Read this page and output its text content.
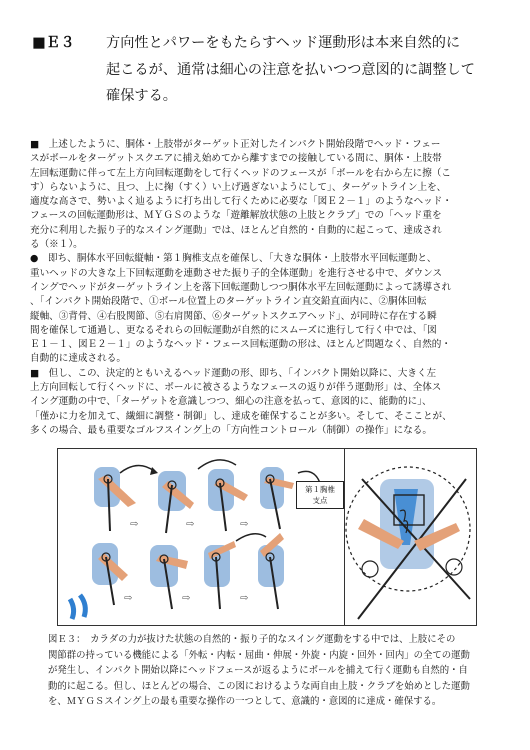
■Ｅ３	方向性とパワーをもたらすヘッド運動形は本来自然的に
起こるが、通常は細心の注意を払いつつ意図的に調整して
確保する。
■　上述したように、胴体・上肢帯がターゲット正対したインパクト開始段階でヘッド・フェー
スがボールをターゲットスクエアに捕え始めてから離すまでの接触している間に、胴体・上肢帯
左回転運動に伴って左上方向回転運動をして行くヘッドのフェースが「ボールを右から左に擦（こ
す）らないように、且つ、上に掬（すく）い上げ過ぎないようにして」、ターゲットライン上を、
適度な高さで、勢いよく辿るように打ち出して行くために必要な「図Ｅ２－１」のようなヘッド・
フェースの回転運動形は、ＭＹＧＳのような「遊離解放状態の上肢とクラブ」での「ヘッド重を
充分に利用した振り子的なスイング運動」では、ほとんど自然的・自動的に起こって、達成され
る（※１）。
●　即ち、胴体水平回転縦軸・第１胸椎支点を確保し、「大きな胴体・上肢帯水平回転運動と、
重いヘッドの大きな上下回転運動を連動させた振り子的全体運動」を進行させる中で、ダウンス
イングでヘッドがターゲットライン上を落下回転運動しつつ胴体水平左回転運動によって誘導され
、「インパクト開始段階で、①ボール位置上のターゲットライン直交鉛直面内に、②胴体回転
縦軸、③背骨、④右股関節、⑤右肩関節、⑥ターゲットスクエアヘッド」、が同時に存在する瞬
間を確保して通過し、更なるそれらの回転運動が自然的にスムーズに進行して行く中では、「図
Ｅ１－１、図Ｅ２－１」のようなヘッド・フェース回転運動の形は、ほとんど問題なく、自然的・
自動的に達成される。
■　但し、この、決定的ともいえるヘッド運動の形、即ち、「インパクト開始以降に、大きく左
上方向回転して行くヘッドに、ボールに被さるようなフェースの返りが伴う運動形」は、全体ス
イング運動の中で、「ターゲットを意識しつつ、細心の注意を払って、意図的に、能動的に」、
「僅かに力を加えて、繊細に調整・制御」し、達成を確保することが多い。そして、そこことが、
多くの場合、最も重要なゴルフスイング上の「方向性コントロール（制御）の操作」になる。
⇨	⇨	⇨
⇨	⇨	⇨
第１胸椎
支点
図Ｅ３：　カラダの力が抜けた状態の自然的・振り子的なスイング運動をする中では、上肢にその
関節群の持っている機能による「外転・内転・屈曲・伸展・外旋・内旋・回外・回内」の全ての運動
が発生し、インパクト開始以降にヘッドフェースが返るようにボールを捕えて行く運動も自然的・自
動的に起こる。但し、ほとんどの場合、この図におけるような両自由上肢・クラブを始めとした運動
を、ＭＹＧＳスイング上の最も重要な操作の一つとして、意識的・意図的に達成・確保する。
